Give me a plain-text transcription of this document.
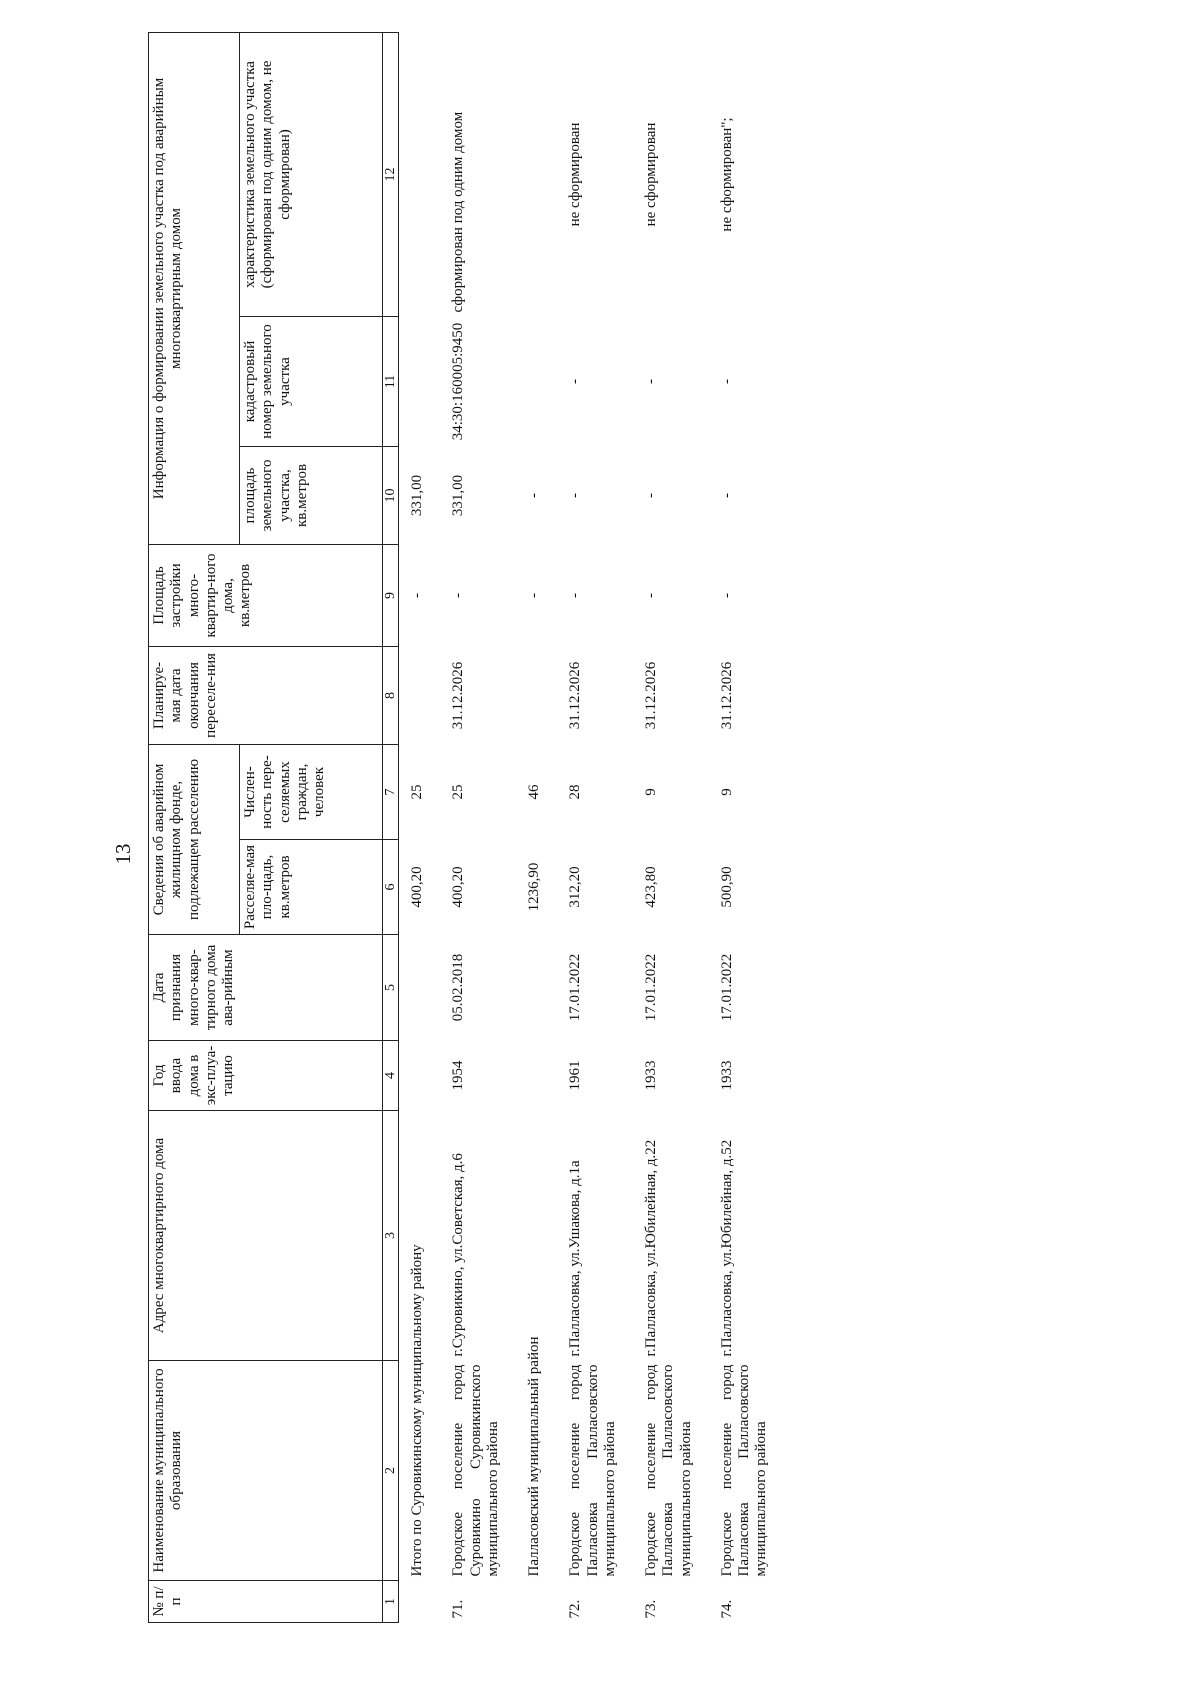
13
№ п/п	Наименование муниципального образования	Адрес многоквартирного дома	Год ввода дома в экс-плуа-тацию	Дата признания много-квар-тирного дома ава-рийным	Сведения об аварийном жилищном фонде, подлежащем расселению		Планируе-мая дата окончания переселе-ния	Площадь застройки много-квартир-ного дома, кв.метров	Информация о формировании земельного участка под аварийным многоквартирным домом		
					Расселяе-мая пло-щадь, кв.метров	Числен-ность пере-селяемых граждан, человек			площадь земельного участка, кв.метров	кадастровый номер земельного участка	характеристика земельного участка (сформирован под одним домом, не сформирован)
1	2	3	4	5	6	7	8	9	10	11	12
	Итого по Суровикинскому муниципальному району				400,20	25		-	331,00		
71.	Городское поселение город Суровикино Суровикинского муниципального района	г.Суровикино, ул.Советская, д.6	1954	05.02.2018	400,20	25	31.12.2026	-	331,00	34:30:160005:9450	сформирован под одним домом
	Палласовский муниципальный район				1236,90	46		-	-		
72.	Городское поселение город Палласовка Палласовского муниципального района	г.Палласовка, ул.Ушакова, д.1а	1961	17.01.2022	312,20	28	31.12.2026	-	-	-	не сформирован
73.	Городское поселение город Палласовка Палласовского муниципального района	г.Палласовка, ул.Юбилейная, д.22	1933	17.01.2022	423,80	9	31.12.2026	-	-	-	не сформирован
74.	Городское поселение город Палласовка Палласовского муниципального района	г.Палласовка, ул.Юбилейная, д.52	1933	17.01.2022	500,90	9	31.12.2026	-	-	-	не сформирован";
